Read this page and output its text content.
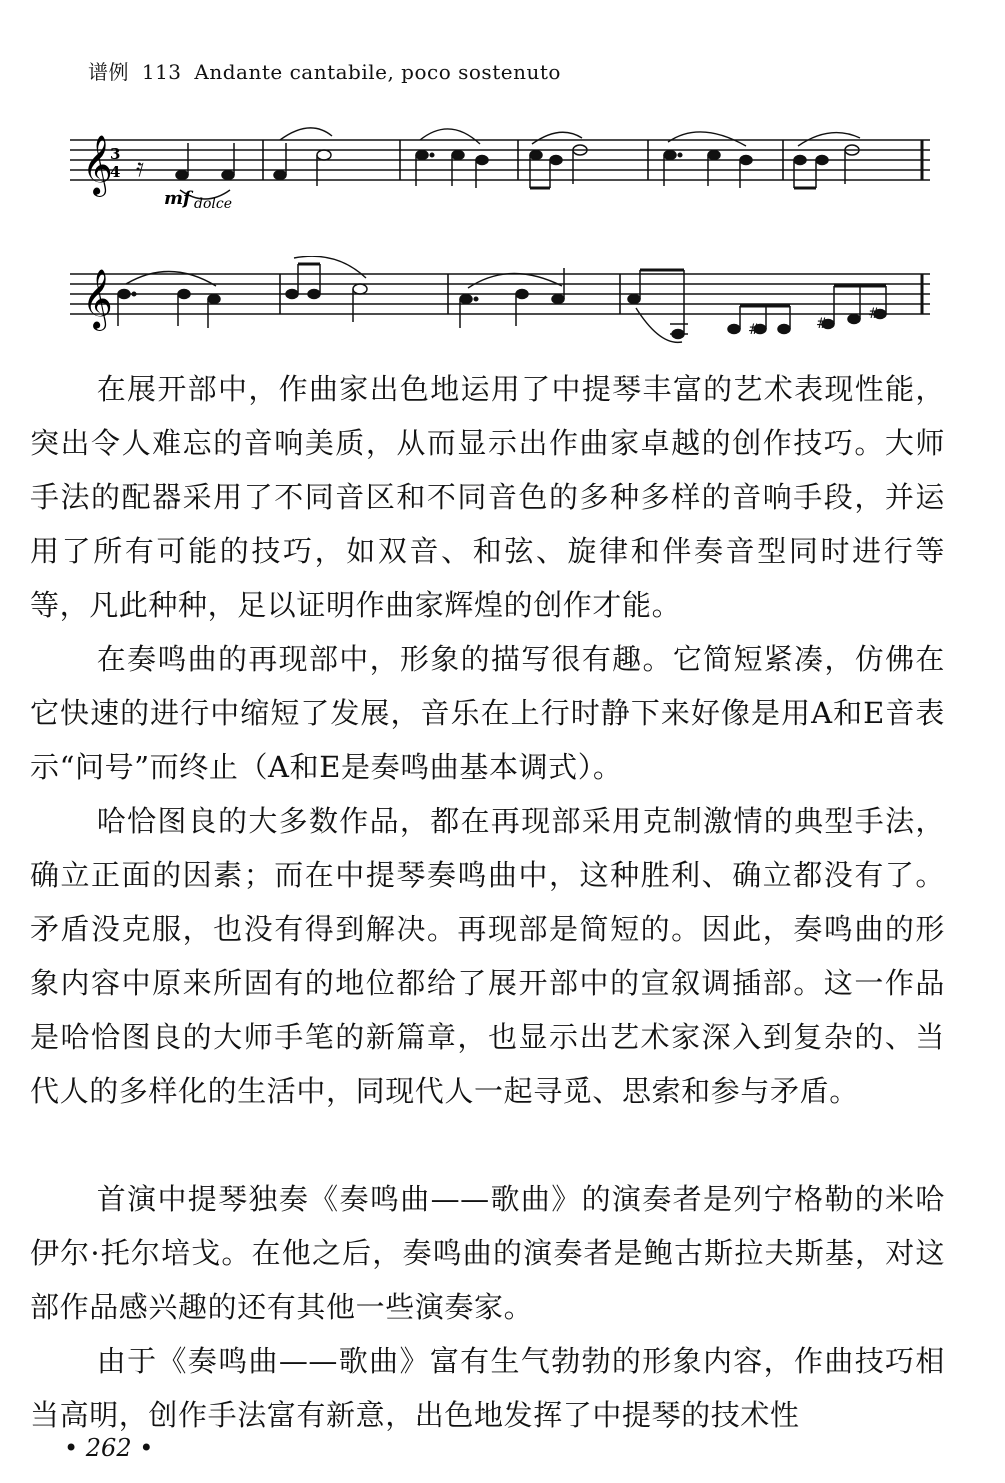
谱例 113 Andante cantabile, poco sostenuto
𝄞
3
4 𝄿
mf dolce
𝄞
#	#
#
在展开部中，作曲家出色地运用了中提琴丰富的艺术表现性能，突出令人难忘的音响美质，从而显示出作曲家卓越的创作技巧。大师手法的配器采用了不同音区和不同音色的多种多样的音响手段，并运用了所有可能的技巧，如双音、和弦、旋律和伴奏音型同时进行等等，凡此种种，足以证明作曲家辉煌的创作才能。
在奏鸣曲的再现部中，形象的描写很有趣。它简短紧凑，仿佛在它快速的进行中缩短了发展，音乐在上行时静下来好像是用A和E音表示“问号”而终止（A和E是奏鸣曲基本调式）。
哈恰图良的大多数作品，都在再现部采用克制激情的典型手法，确立正面的因素；而在中提琴奏鸣曲中，这种胜利、确立都没有了。矛盾没克服，也没有得到解决。再现部是简短的。因此，奏鸣曲的形象内容中原来所固有的地位都给了展开部中的宣叙调插部。这一作品是哈恰图良的大师手笔的新篇章，也显示出艺术家深入到复杂的、当代人的多样化的生活中，同现代人一起寻觅、思索和参与矛盾。
首演中提琴独奏《奏鸣曲——歌曲》的演奏者是列宁格勒的米哈伊尔·托尔培戈。在他之后，奏鸣曲的演奏者是鲍古斯拉夫斯基，对这部作品感兴趣的还有其他一些演奏家。
由于《奏鸣曲——歌曲》富有生气勃勃的形象内容，作曲技巧相当高明，创作手法富有新意，出色地发挥了中提琴的技术性
• 262 •
